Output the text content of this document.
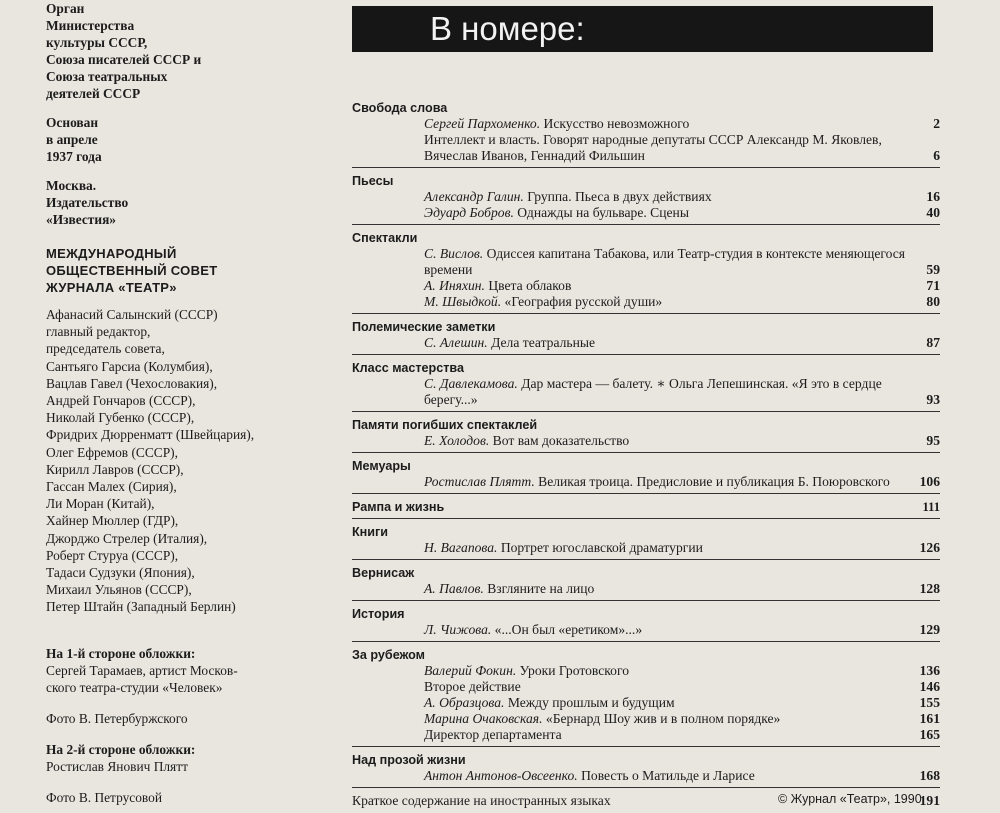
Орган
Министерства
культуры СССР,
Союза писателей СССР и
Союза театральных
деятелей СССР

Основан
в апреле
1937 года

Москва.
Издательство
«Известия»

МЕЖДУНАРОДНЫЙ
ОБЩЕСТВЕННЫЙ СОВЕТ
ЖУРНАЛА «ТЕАТР»
Афанасий Салынский (СССР)
главный редактор,
председатель совета,
Сантьяго Гарсиа (Колумбия),
Вацлав Гавел (Чехословакия),
Андрей Гончаров (СССР),
Николай Губенко (СССР),
Фридрих Дюрренматт (Швейцария),
Олег Ефремов (СССР),
Кирилл Лавров (СССР),
Гассан Малех (Сирия),
Ли Моран (Китай),
Хайнер Мюллер (ГДР),
Джорджо Стрелер (Италия),
Роберт Стуруа (СССР),
Тадаси Судзуки (Япония),
Михаил Ульянов (СССР),
Петер Штайн (Западный Берлин)

На 1-й стороне обложки:

Сергей Тарамаев, артист Москов-
ского театра-студии «Человек»

Фото В. Петербуржского

На 2-й стороне обложки:

Ростислав Янович Плятт

Фото В. Петрусовой

В номере:
Свобода слова
Сергей Пархоменко. Искусство невозможного	2
Интеллект и власть. Говорят народные депутаты СССР Александр М. Яковлев, Вячеслав Иванов, Геннадий Фильшин	6
Пьесы
Александр Галин. Группа. Пьеса в двух действиях	16
Эдуард Бобров. Однажды на бульваре. Сцены	40
Спектакли
С. Вислов. Одиссея капитана Табакова, или Театр-студия в контексте меняющегося времени	59
А. Иняхин. Цвета облаков	71
М. Швыдкой. «География русской души»	80
Полемические заметки
С. Алешин. Дела театральные	87
Класс мастерства
С. Давлекамова. Дар мастера — балету. ∗ Ольга Лепешинская. «Я это в сердце берегу...»	93
Памяти погибших спектаклей
Е. Холодов. Вот вам доказательство	95
Мемуары
Ростислав Плятт. Великая троица. Предисловие и публикация Б. Поюровского	106
Рампа и жизнь	111
Книги
Н. Вагапова. Портрет югославской драматургии	126
Вернисаж
А. Павлов. Взгляните на лицо	128
История
Л. Чижова. «...Он был «еретиком»...»	129
За рубежом
Валерий Фокин. Уроки Гротовского	136
Второе действие	146
А. Образцова. Между прошлым и будущим	155
Марина Очаковская. «Бернард Шоу жив и в полном порядке»	161
Директор департамента	165
Над прозой жизни
Антон Антонов-Овсеенко. Повесть о Матильде и Ларисе	168
Краткое содержание на иностранных языках	191
© Журнал «Театр», 1990
